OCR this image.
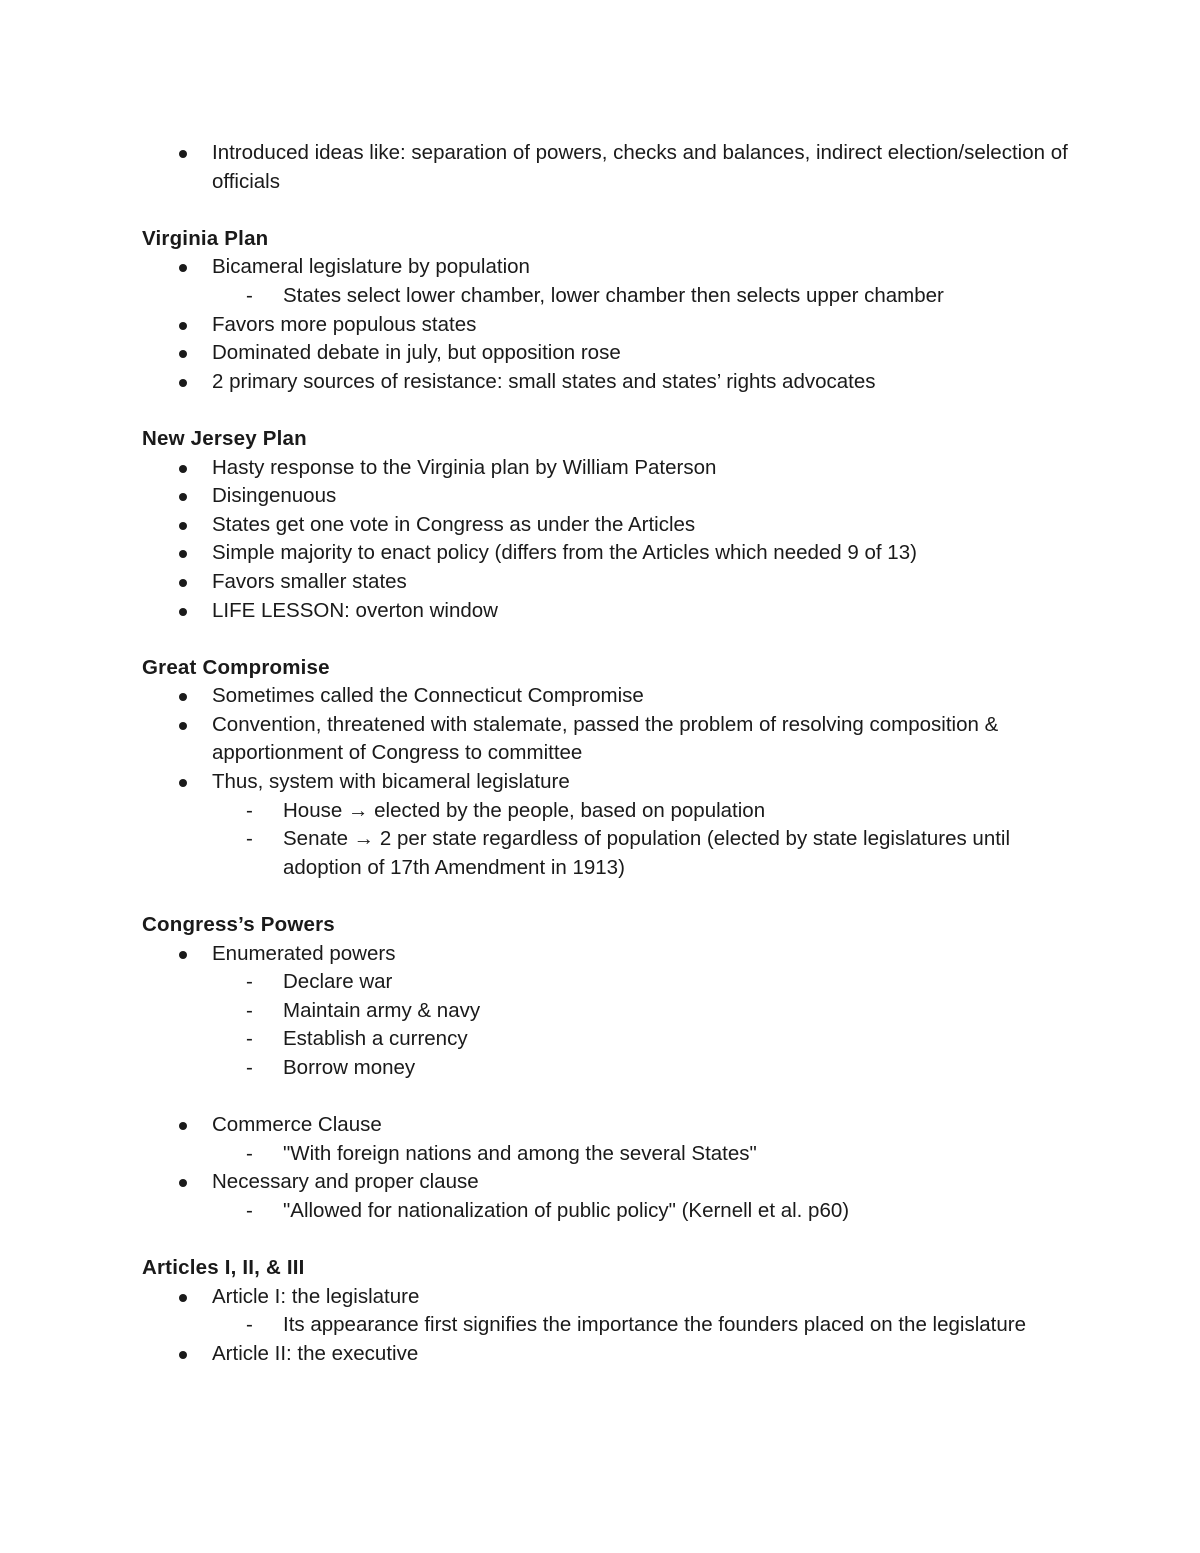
Introduced ideas like: separation of powers, checks and balances, indirect election/selection of officials
Virginia Plan
Bicameral legislature by population
- States select lower chamber, lower chamber then selects upper chamber
Favors more populous states
Dominated debate in july, but opposition rose
2 primary sources of resistance: small states and states’ rights advocates
New Jersey Plan
Hasty response to the Virginia plan by William Paterson
Disingenuous
States get one vote in Congress as under the Articles
Simple majority to enact policy (differs from the Articles which needed 9 of 13)
Favors smaller states
LIFE LESSON: overton window
Great Compromise
Sometimes called the Connecticut Compromise
Convention, threatened with stalemate, passed the problem of resolving composition & apportionment of Congress to committee
Thus, system with bicameral legislature
- House → elected by the people, based on population
- Senate → 2 per state regardless of population (elected by state legislatures until adoption of 17th Amendment in 1913)
Congress’s Powers
Enumerated powers
- Declare war
- Maintain army & navy
- Establish a currency
- Borrow money
Commerce Clause
- "With foreign nations and among the several States"
Necessary and proper clause
- "Allowed for nationalization of public policy" (Kernell et al. p60)
Articles I, II, & III
Article I: the legislature
- Its appearance first signifies the importance the founders placed on the legislature
Article II: the executive
